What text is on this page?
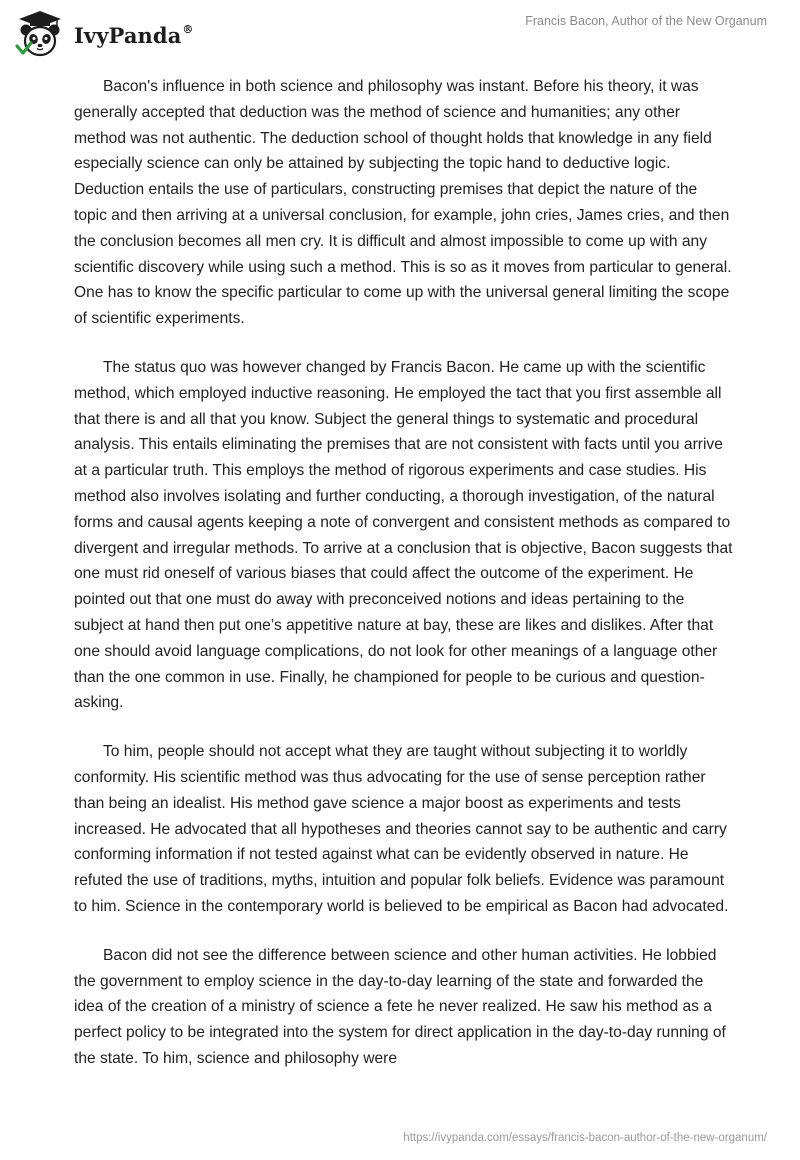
IvyPanda®
Francis Bacon, Author of the New Organum

Bacon's influence in both science and philosophy was instant. Before his theory, it was generally accepted that deduction was the method of science and humanities; any other method was not authentic. The deduction school of thought holds that knowledge in any field especially science can only be attained by subjecting the topic hand to deductive logic. Deduction entails the use of particulars, constructing premises that depict the nature of the topic and then arriving at a universal conclusion, for example, john cries, James cries, and then the conclusion becomes all men cry. It is difficult and almost impossible to come up with any scientific discovery while using such a method. This is so as it moves from particular to general. One has to know the specific particular to come up with the universal general limiting the scope of scientific experiments.

The status quo was however changed by Francis Bacon. He came up with the scientific method, which employed inductive reasoning. He employed the tact that you first assemble all that there is and all that you know. Subject the general things to systematic and procedural analysis. This entails eliminating the premises that are not consistent with facts until you arrive at a particular truth. This employs the method of rigorous experiments and case studies. His method also involves isolating and further conducting, a thorough investigation, of the natural forms and causal agents keeping a note of convergent and consistent methods as compared to divergent and irregular methods. To arrive at a conclusion that is objective, Bacon suggests that one must rid oneself of various biases that could affect the outcome of the experiment. He pointed out that one must do away with preconceived notions and ideas pertaining to the subject at hand then put one’s appetitive nature at bay, these are likes and dislikes. After that one should avoid language complications, do not look for other meanings of a language other than the one common in use. Finally, he championed for people to be curious and question-asking.

To him, people should not accept what they are taught without subjecting it to worldly conformity. His scientific method was thus advocating for the use of sense perception rather than being an idealist. His method gave science a major boost as experiments and tests increased. He advocated that all hypotheses and theories cannot say to be authentic and carry conforming information if not tested against what can be evidently observed in nature. He refuted the use of traditions, myths, intuition and popular folk beliefs. Evidence was paramount to him. Science in the contemporary world is believed to be empirical as Bacon had advocated.

Bacon did not see the difference between science and other human activities. He lobbied the government to employ science in the day-to-day learning of the state and forwarded the idea of the creation of a ministry of science a fete he never realized. He saw his method as a perfect policy to be integrated into the system for direct application in the day-to-day running of the state. To him, science and philosophy were

https://ivypanda.com/essays/francis-bacon-author-of-the-new-organum/
